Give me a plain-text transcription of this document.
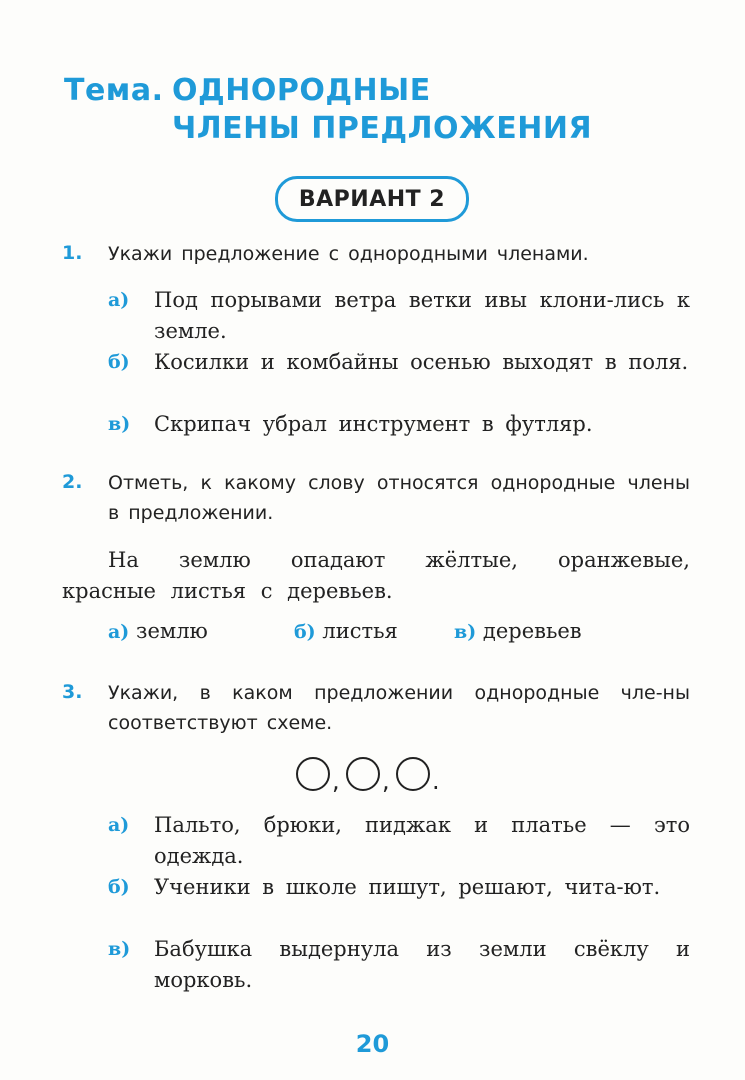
Тема. ОДНОРОДНЫЕ
ЧЛЕНЫ ПРЕДЛОЖЕНИЯ
ВАРИАНТ 2
1. Укажи предложение с однородными членами.
а) Под порывами ветра ветки ивы клони-лись к земле.
б) Косилки и комбайны осенью выходят в поля.
в) Скрипач убрал инструмент в футляр.
2. Отметь, к какому слову относятся однородные члены в предложении.
На землю опадают жёлтые, оранжевые, красные листья с деревьев.
а) землю	б) листья	в) деревьев
3. Укажи, в каком предложении однородные чле-ны соответствуют схеме.
, , .
а) Пальто, брюки, пиджак и платье — это одежда.
б) Ученики в школе пишут, решают, чита-ют.
в) Бабушка выдернула из земли свёклу и морковь.
20
